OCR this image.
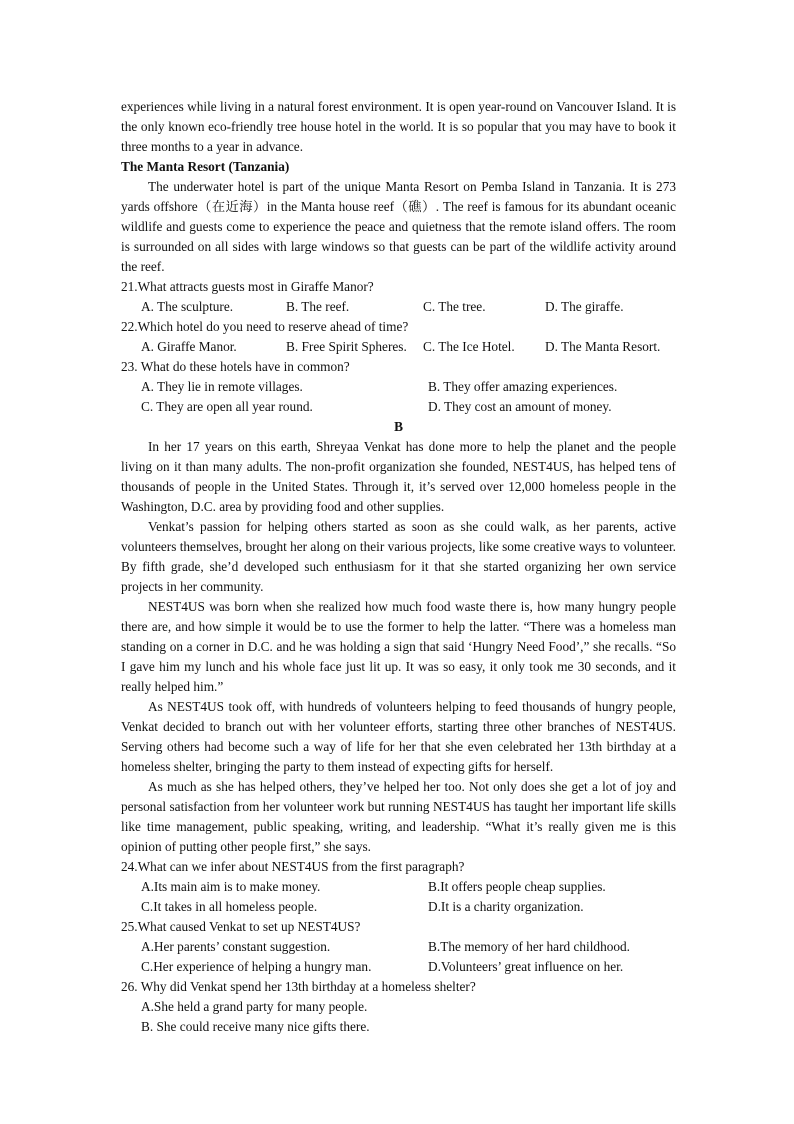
experiences while living in a natural forest environment. It is open year-round on Vancouver Island. It is the only known eco-friendly tree house hotel in the world. It is so popular that you may have to book it three months to a year in advance.

The Manta Resort (Tanzania)

The underwater hotel is part of the unique Manta Resort on Pemba Island in Tanzania. It is 273 yards offshore（在近海）in the Manta house reef（礁）. The reef is famous for its abundant oceanic wildlife and guests come to experience the peace and quietness that the remote island offers. The room is surrounded on all sides with large windows so that guests can be part of the wildlife activity around the reef.

21.What attracts guests most in Giraffe Manor?

A. The sculpture.	B. The reef.	C. The tree.	D. The giraffe.

22.Which hotel do you need to reserve ahead of time?

A. Giraffe Manor.	B. Free Spirit Spheres.	C. The Ice Hotel.	D. The Manta Resort.

23. What do these hotels have in common?

A. They lie in remote villages.	B. They offer amazing experiences.
C. They are open all year round.	D. They cost an amount of money.

B

In her 17 years on this earth, Shreyaa Venkat has done more to help the planet and the people living on it than many adults. The non-profit organization she founded, NEST4US, has helped tens of thousands of people in the United States. Through it, it’s served over 12,000 homeless people in the Washington, D.C. area by providing food and other supplies.

Venkat’s passion for helping others started as soon as she could walk, as her parents, active volunteers themselves, brought her along on their various projects, like some creative ways to volunteer. By fifth grade, she’d developed such enthusiasm for it that she started organizing her own service projects in her community.

NEST4US was born when she realized how much food waste there is, how many hungry people there are, and how simple it would be to use the former to help the latter. “There was a homeless man standing on a corner in D.C. and he was holding a sign that said ‘Hungry Need Food’,” she recalls. “So I gave him my lunch and his whole face just lit up. It was so easy, it only took me 30 seconds, and it really helped him.”

As NEST4US took off, with hundreds of volunteers helping to feed thousands of hungry people, Venkat decided to branch out with her volunteer efforts, starting three other branches of NEST4US. Serving others had become such a way of life for her that she even celebrated her 13th birthday at a homeless shelter, bringing the party to them instead of expecting gifts for herself.

As much as she has helped others, they’ve helped her too. Not only does she get a lot of joy and personal satisfaction from her volunteer work but running NEST4US has taught her important life skills like time management, public speaking, writing, and leadership. “What it’s really given me is this opinion of putting other people first,” she says.

24.What can we infer about NEST4US from the first paragraph?

A.Its main aim is to make money.	B.It offers people cheap supplies.
C.It takes in all homeless people.	D.It is a charity organization.

25.What caused Venkat to set up NEST4US?

A.Her parents’ constant suggestion.	B.The memory of her hard childhood.
C.Her experience of helping a hungry man.	D.Volunteers’ great influence on her.

26. Why did Venkat spend her 13th birthday at a homeless shelter?

A.She held a grand party for many people.

B. She could receive many nice gifts there.
